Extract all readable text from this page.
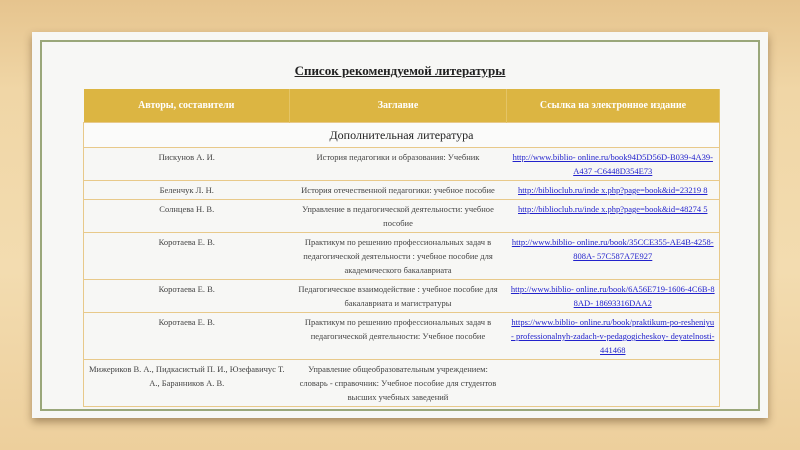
Список рекомендуемой литературы
Авторы, составители	Заглавие	Ссылка на электронное издание
Дополнительная литература		
Пискунов А. И.	История педагогики и образования: Учебник	http://www.biblio- online.ru/book94D5D56D-B039-4A39-A437 -C6448D354E73
Беленчук Л. Н.	История отечественной педагогики: учебное пособие	http://biblioclub.ru/inde x.php?page=book&id=23219 8
Солнцева Н. В.	Управление в педагогической деятельности: учебное пособие	http://biblioclub.ru/inde x.php?page=book&id=48274 5
Коротаева Е. В.	Практикум по решению профессиональных задач в педагогической деятельности : учебное пособие для академического бакалавриата	http://www.biblio- online.ru/book/35CCE355-AE4B-4258-808A- 57C587A7E927
Коротаева Е. В.	Педагогическое взаимодействие : учебное пособие для бакалавриата и магистратуры	http://www.biblio- online.ru/book/6A56E719-1606-4C6B-88AD- 18693316DAA2
Коротаева Е. В.	Практикум по решению профессиональных задач в педагогической деятельности: Учебное пособие	https://www.biblio- online.ru/book/praktikum-po-resheniyu- professionalnyh-zadach-v-pedagogicheskoy- deyatelnosti-441468
Мижериков В. А., Пидкасистый П. И., Юзефавичус Т. А., Баранников А. В.	Управление общеобразовательным учреждением: словарь - справочник: Учебное пособие для студентов высших учебных заведений	
